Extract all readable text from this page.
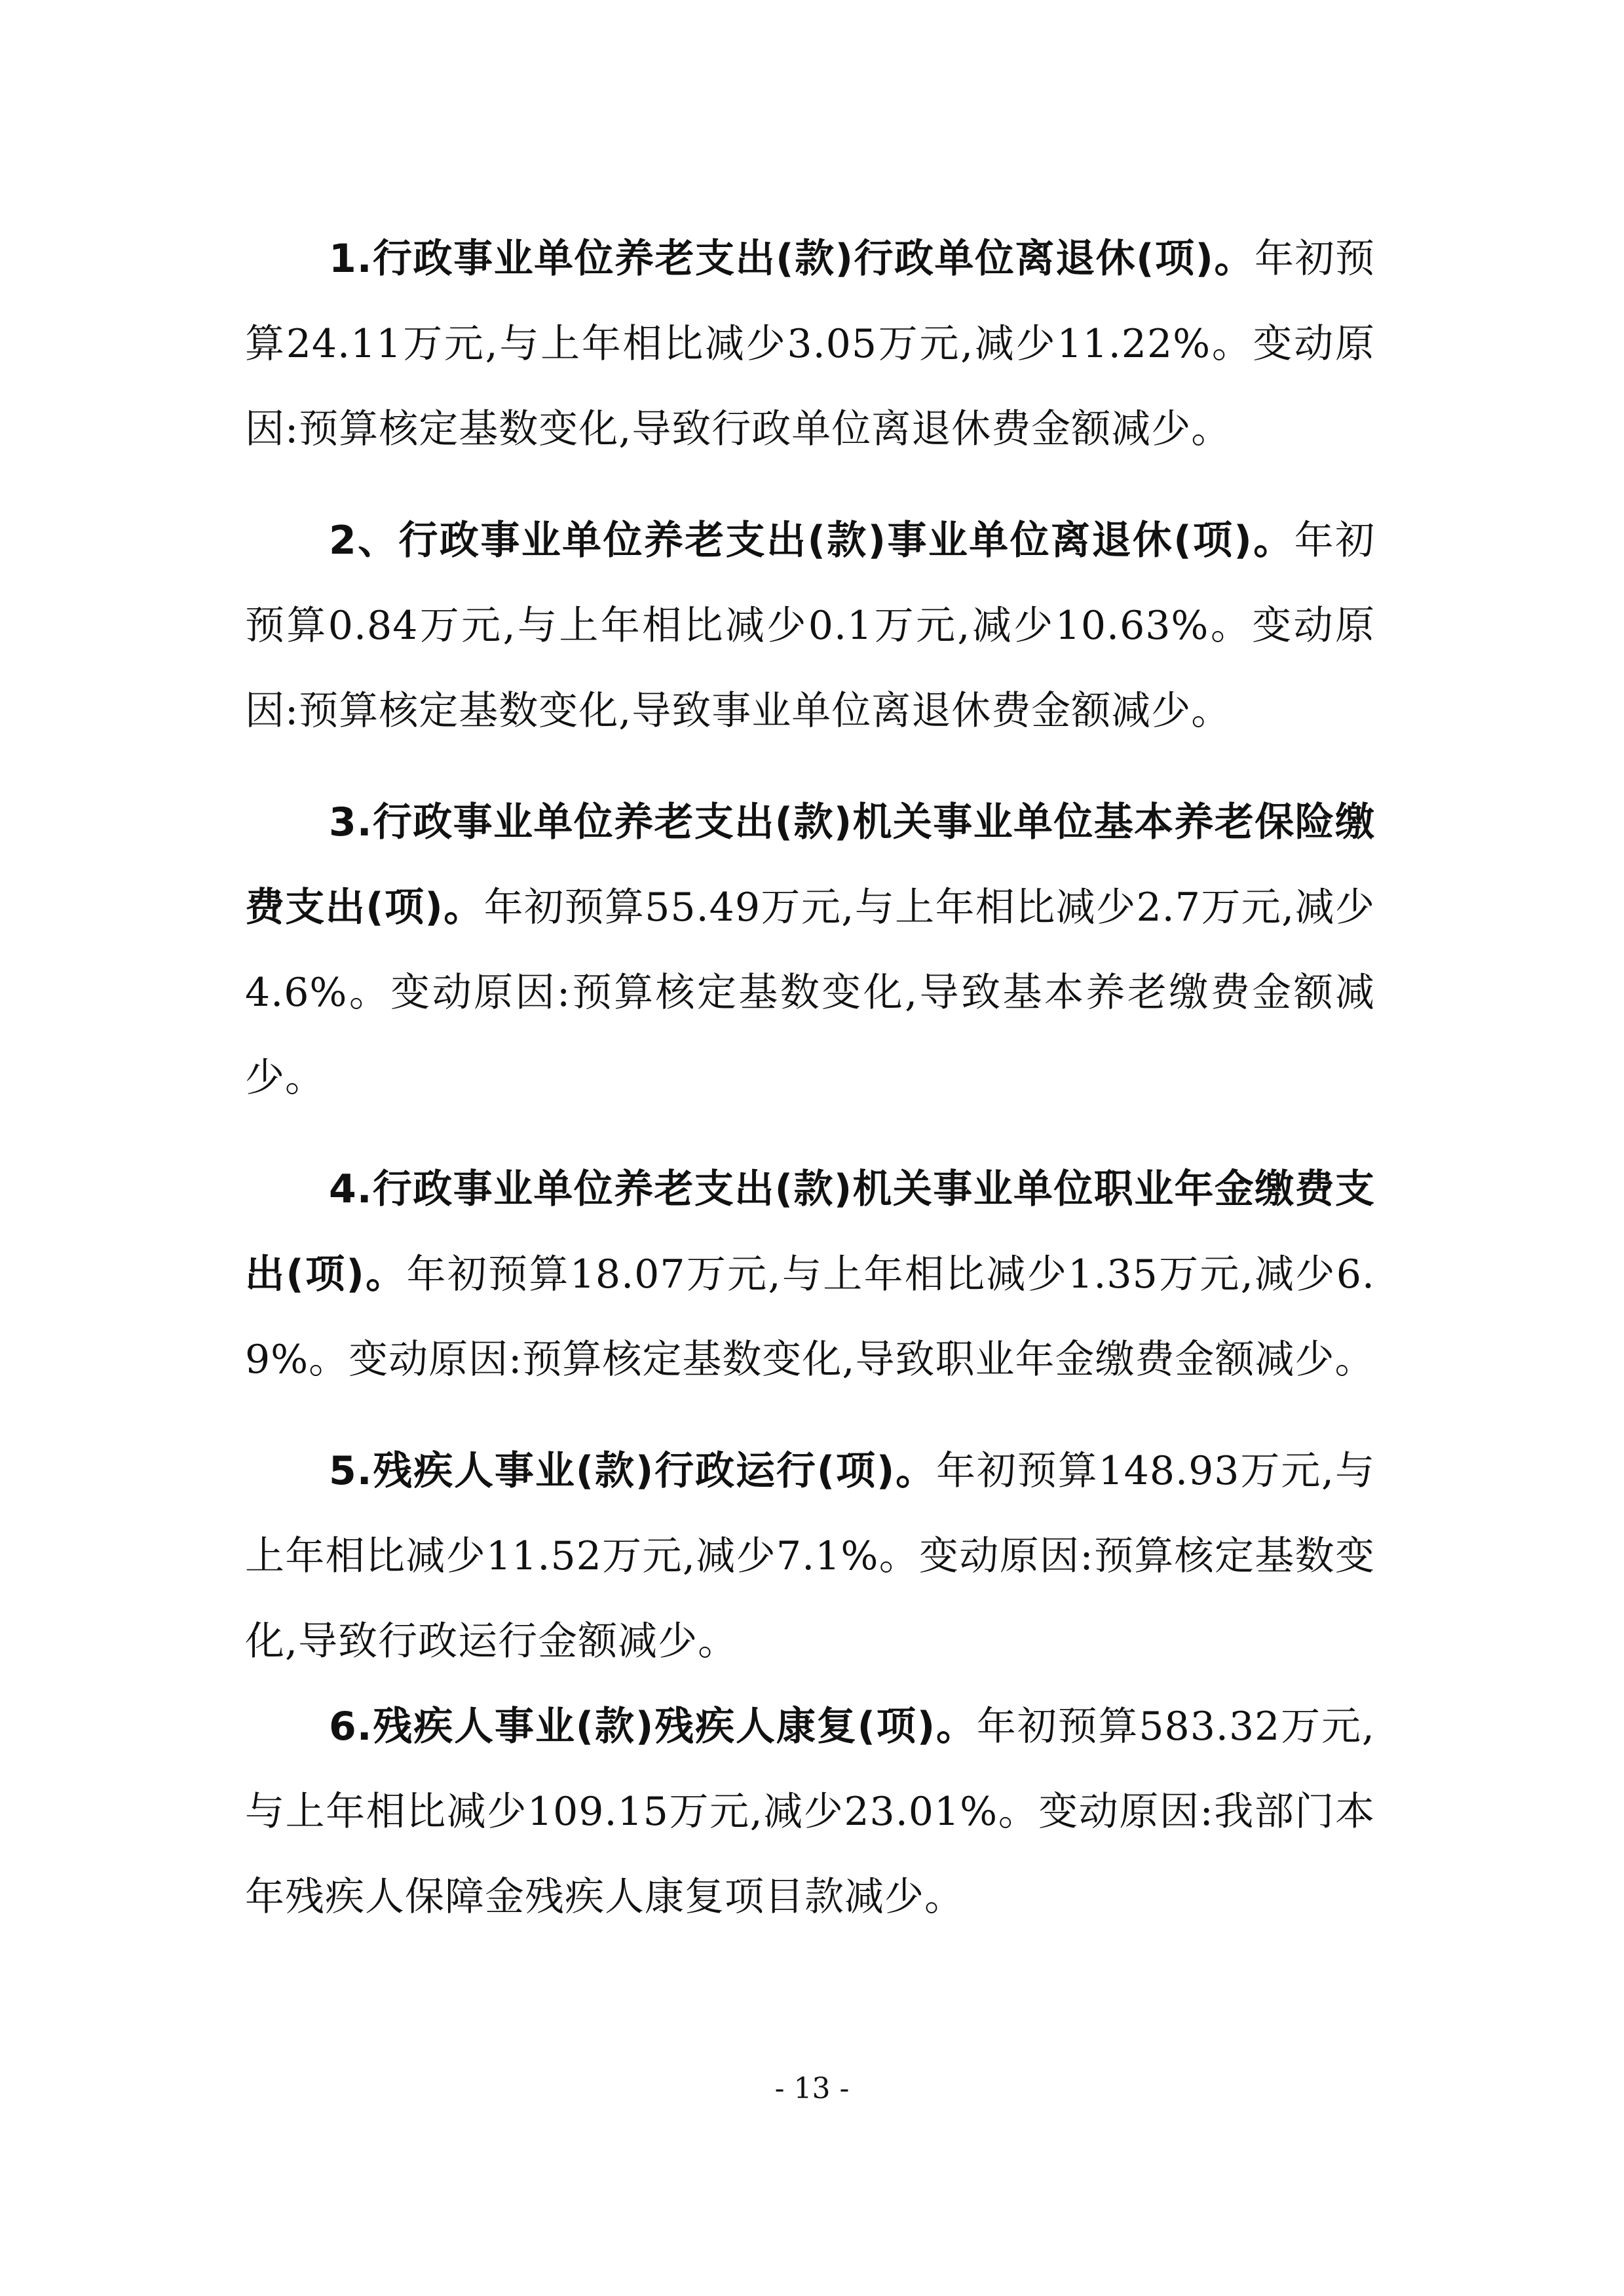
1.行政事业单位养老支出(款)行政单位离退休(项)。年初预算24.11万元,与上年相比减少3.05万元,减少11.22%。变动原因:预算核定基数变化,导致行政单位离退休费金额减少。

2、行政事业单位养老支出(款)事业单位离退休(项)。年初预算0.84万元,与上年相比减少0.1万元,减少10.63%。变动原因:预算核定基数变化,导致事业单位离退休费金额减少。

3.行政事业单位养老支出(款)机关事业单位基本养老保险缴费支出(项)。年初预算55.49万元,与上年相比减少2.7万元,减少4.6%。变动原因:预算核定基数变化,导致基本养老缴费金额减少。

4.行政事业单位养老支出(款)机关事业单位职业年金缴费支出(项)。年初预算18.07万元,与上年相比减少1.35万元,减少6.9%。变动原因:预算核定基数变化,导致职业年金缴费金额减少。

5.残疾人事业(款)行政运行(项)。年初预算148.93万元,与上年相比减少11.52万元,减少7.1%。变动原因:预算核定基数变化,导致行政运行金额减少。

6.残疾人事业(款)残疾人康复(项)。年初预算583.32万元,与上年相比减少109.15万元,减少23.01%。变动原因:我部门本年残疾人保障金残疾人康复项目款减少。

- 13 -
